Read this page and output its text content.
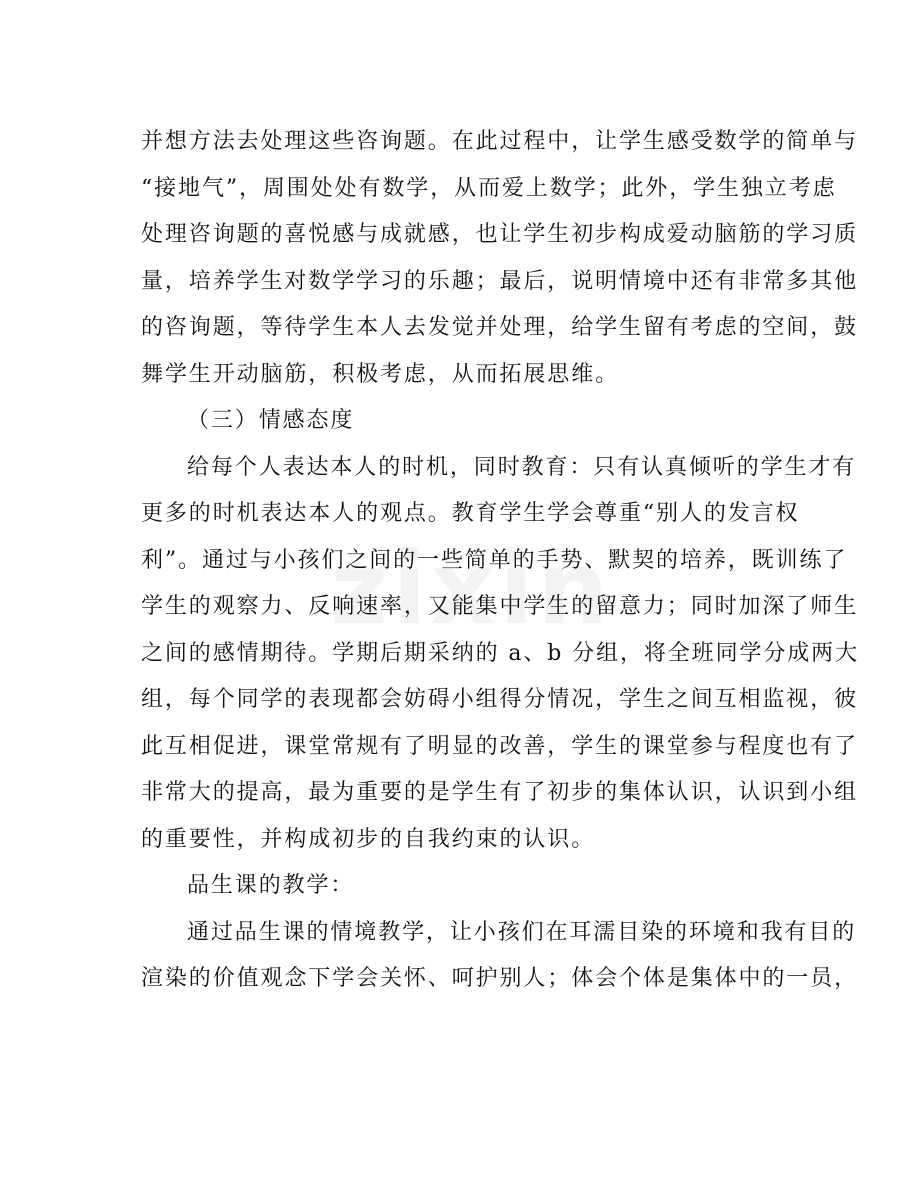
并想方法去处理这些咨询题。在此过程中，让学生感受数学的简单与
“接地气”，周围处处有数学，从而爱上数学；此外，学生独立考虑
处理咨询题的喜悦感与成就感，也让学生初步构成爱动脑筋的学习质
量，培养学生对数学学习的乐趣；最后，说明情境中还有非常多其他
的咨询题，等待学生本人去发觉并处理，给学生留有考虑的空间，鼓
舞学生开动脑筋，积极考虑，从而拓展思维。
（三）情感态度
给每个人表达本人的时机，同时教育：只有认真倾听的学生才有
更多的时机表达本人的观点。教育学生学会尊重“别人的发言权
利”。通过与小孩们之间的一些简单的手势、默契的培养，既训练了
学生的观察力、反响速率，又能集中学生的留意力；同时加深了师生
之间的感情期待。学期后期采纳的 a、b 分组，将全班同学分成两大
组，每个同学的表现都会妨碍小组得分情况，学生之间互相监视，彼
此互相促进，课堂常规有了明显的改善，学生的课堂参与程度也有了
非常大的提高，最为重要的是学生有了初步的集体认识，认识到小组
的重要性，并构成初步的自我约束的认识。
品生课的教学：
通过品生课的情境教学，让小孩们在耳濡目染的环境和我有目的
渲染的价值观念下学会关怀、呵护别人；体会个体是集体中的一员，
